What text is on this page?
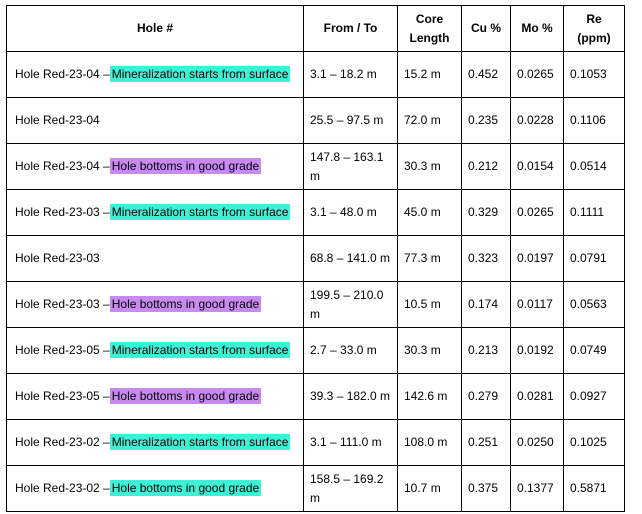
Hole #	From / To	Core Length	Cu %	Mo %	Re (ppm)
Hole Red-23-04 – Mineralization starts from surface	3.1 – 18.2 m	15.2 m	0.452	0.0265	0.1053
Hole Red-23-04	25.5 – 97.5 m	72.0 m	0.235	0.0228	0.1106
Hole Red-23-04 – Hole bottoms in good grade	147.8 – 163.1 m	30.3 m	0.212	0.0154	0.0514
Hole Red-23-03 – Mineralization starts from surface	3.1 – 48.0 m	45.0 m	0.329	0.0265	0.1111
Hole Red-23-03	68.8 – 141.0 m	77.3 m	0.323	0.0197	0.0791
Hole Red-23-03 – Hole bottoms in good grade	199.5 – 210.0 m	10.5 m	0.174	0.0117	0.0563
Hole Red-23-05 – Mineralization starts from surface	2.7 – 33.0 m	30.3 m	0.213	0.0192	0.0749
Hole Red-23-05 – Hole bottoms in good grade	39.3 – 182.0 m	142.6 m	0.279	0.0281	0.0927
Hole Red-23-02 – Mineralization starts from surface	3.1 – 111.0 m	108.0 m	0.251	0.0250	0.1025
Hole Red-23-02 – Hole bottoms in good grade	158.5 – 169.2 m	10.7 m	0.375	0.1377	0.5871
